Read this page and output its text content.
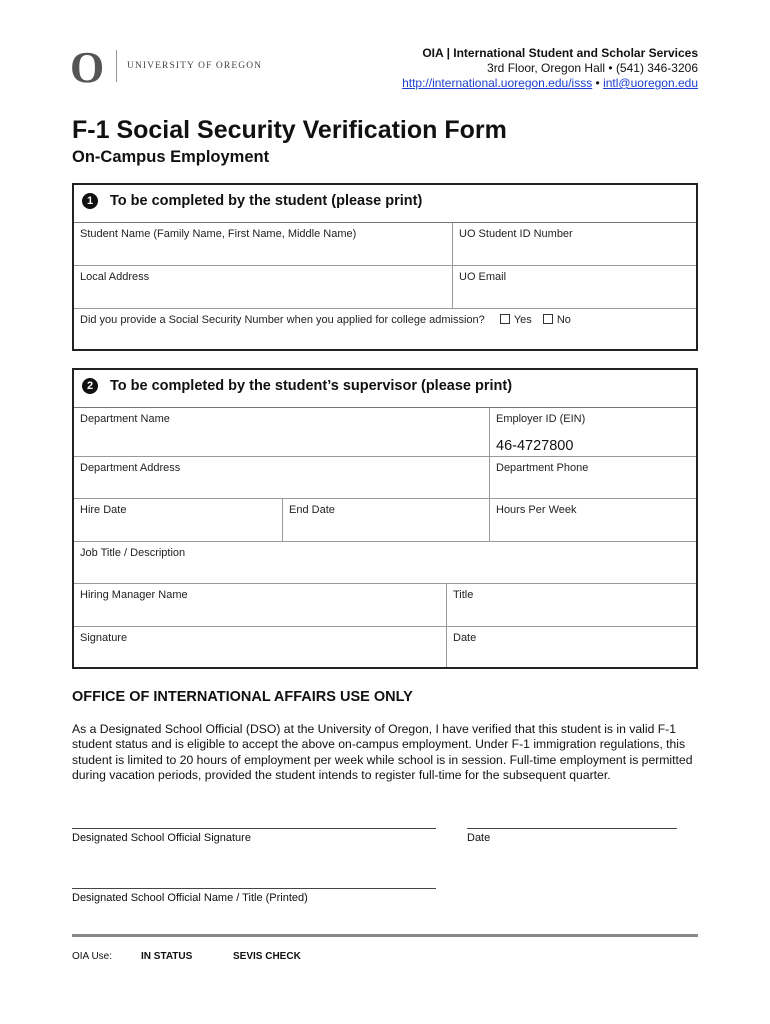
O UNIVERSITY OF OREGON
OIA | International Student and Scholar Services
3rd Floor, Oregon Hall • (541) 346-3206
http://international.uoregon.edu/isss • intl@uoregon.edu
F-1 Social Security Verification Form
On-Campus Employment
1 To be completed by the student (please print)
Student Name (Family Name, First Name, Middle Name)	UO Student ID Number
Local Address	UO Email
Did you provide a Social Security Number when you applied for college admission?	Yes No
2 To be completed by the student’s supervisor (please print)
Department Name	Employer ID (EIN)
46-4727800
Department Address	Department Phone
Hire Date	End Date	Hours Per Week
Job Title / Description
Hiring Manager Name	Title
Signature	Date
OFFICE OF INTERNATIONAL AFFAIRS USE ONLY
As a Designated School Official (DSO) at the University of Oregon, I have verified that this student is in valid F-1 student status and is eligible to accept the above on-campus employment. Under F-1 immigration regulations, this student is limited to 20 hours of employment per week while school is in session. Full-time employment is permitted during vacation periods, provided the student intends to register full-time for the subsequent quarter.
Designated School Official Signature	Date
Designated School Official Name / Title (Printed)
OIA Use:	IN STATUS	SEVIS CHECK
